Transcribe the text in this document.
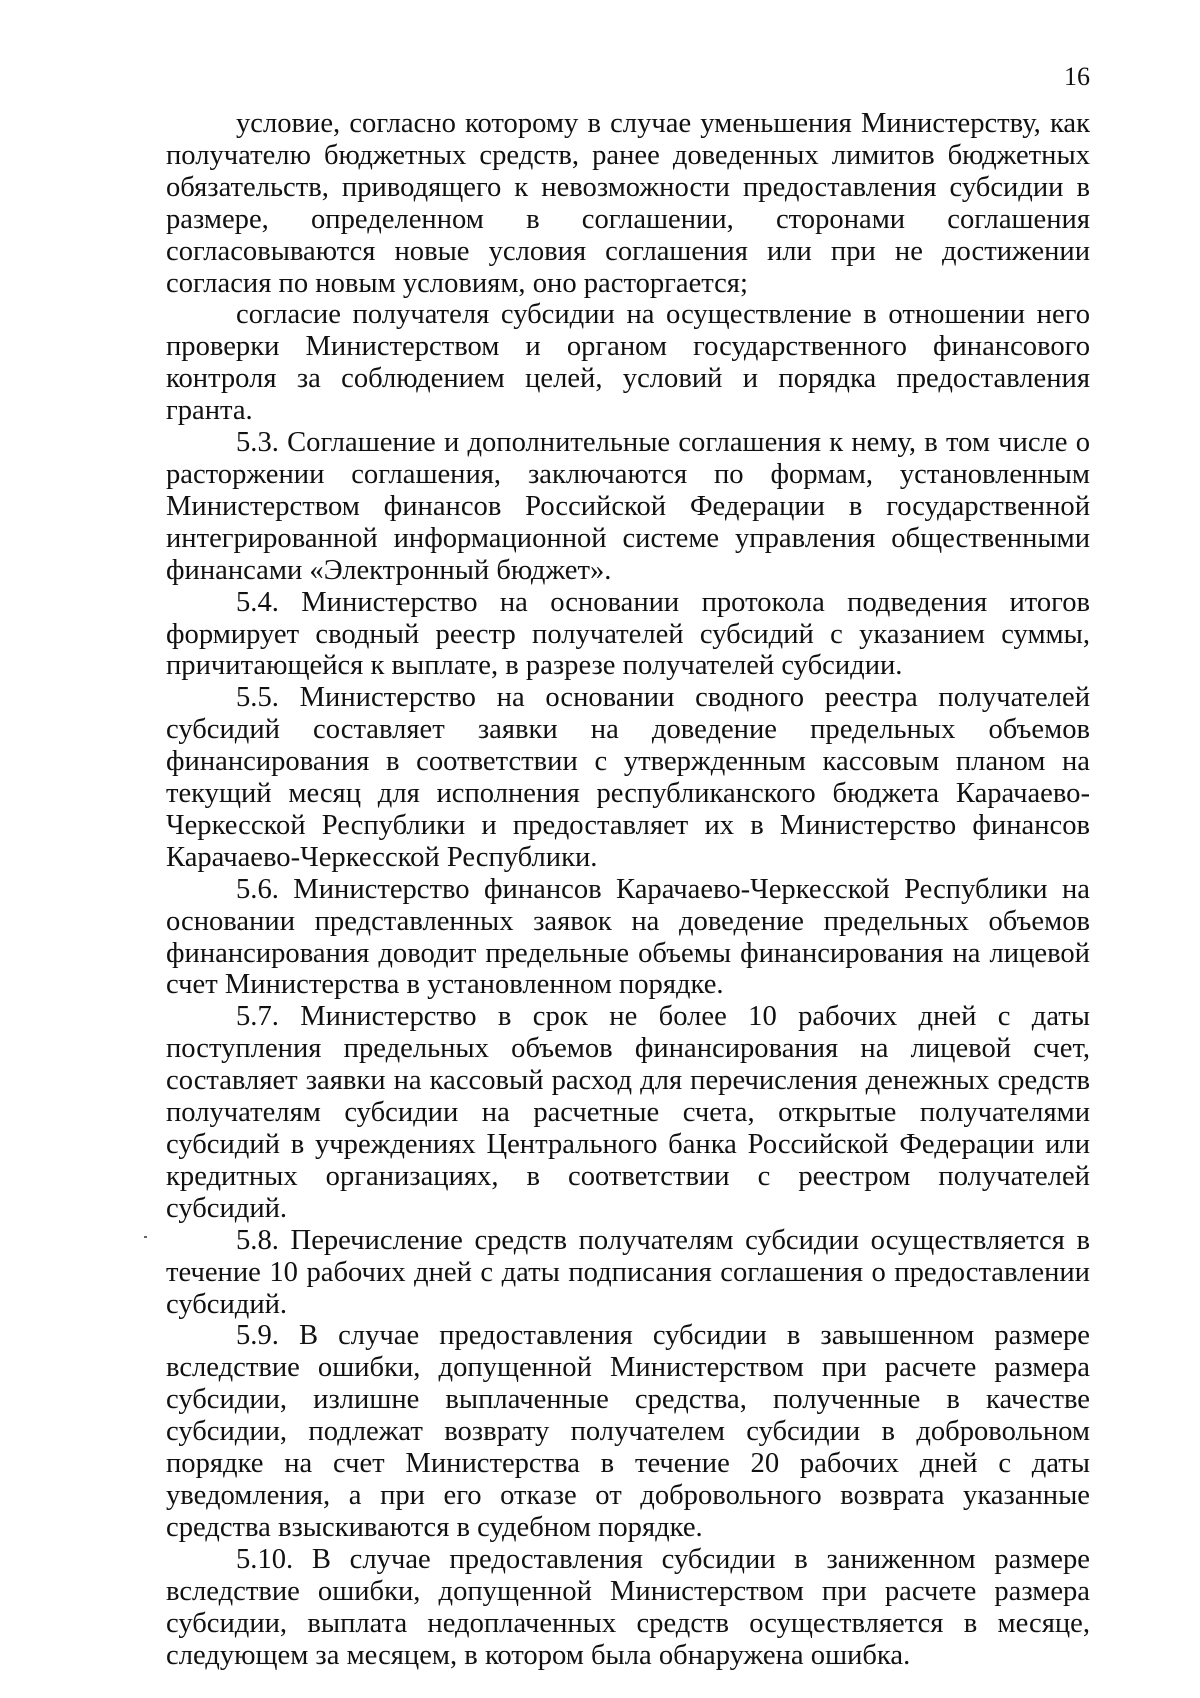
16

условие, согласно которому в случае уменьшения Министерству, как получателю бюджетных средств, ранее доведенных лимитов бюджетных обязательств, приводящего к невозможности предоставления субсидии в размере, определенном в соглашении, сторонами соглашения согласовываются новые условия соглашения или при не достижении согласия по новым условиям, оно расторгается;

согласие получателя субсидии на осуществление в отношении него проверки Министерством и органом государственного финансового контроля за соблюдением целей, условий и порядка предоставления гранта.

5.3. Соглашение и дополнительные соглашения к нему, в том числе о расторжении соглашения, заключаются по формам, установленным Министерством финансов Российской Федерации в государственной интегрированной информационной системе управления общественными финансами «Электронный бюджет».

5.4. Министерство на основании протокола подведения итогов формирует сводный реестр получателей субсидий с указанием суммы, причитающейся к выплате, в разрезе получателей субсидии.

5.5. Министерство на основании сводного реестра получателей субсидий составляет заявки на доведение предельных объемов финансирования в соответствии с утвержденным кассовым планом на текущий месяц для исполнения республиканского бюджета Карачаево-Черкесской Республики и предоставляет их в Министерство финансов Карачаево-Черкесской Республики.

5.6. Министерство финансов Карачаево-Черкесской Республики на основании представленных заявок на доведение предельных объемов финансирования доводит предельные объемы финансирования на лицевой счет Министерства в установленном порядке.

5.7. Министерство в срок не более 10 рабочих дней с даты поступления предельных объемов финансирования на лицевой счет, составляет заявки на кассовый расход для перечисления денежных средств получателям субсидии на расчетные счета, открытые получателями субсидий в учреждениях Центрального банка Российской Федерации или кредитных организациях, в соответствии с реестром получателей субсидий.

5.8. Перечисление средств получателям субсидии осуществляется в течение 10 рабочих дней с даты подписания соглашения о предоставлении субсидий.

5.9. В случае предоставления субсидии в завышенном размере вследствие ошибки, допущенной Министерством при расчете размера субсидии, излишне выплаченные средства, полученные в качестве субсидии, подлежат возврату получателем субсидии в добровольном порядке на счет Министерства в течение 20 рабочих дней с даты уведомления, а при его отказе от добровольного возврата указанные средства взыскиваются в судебном порядке.

5.10. В случае предоставления субсидии в заниженном размере вследствие ошибки, допущенной Министерством при расчете размера субсидии, выплата недоплаченных средств осуществляется в месяце, следующем за месяцем, в котором была обнаружена ошибка.
